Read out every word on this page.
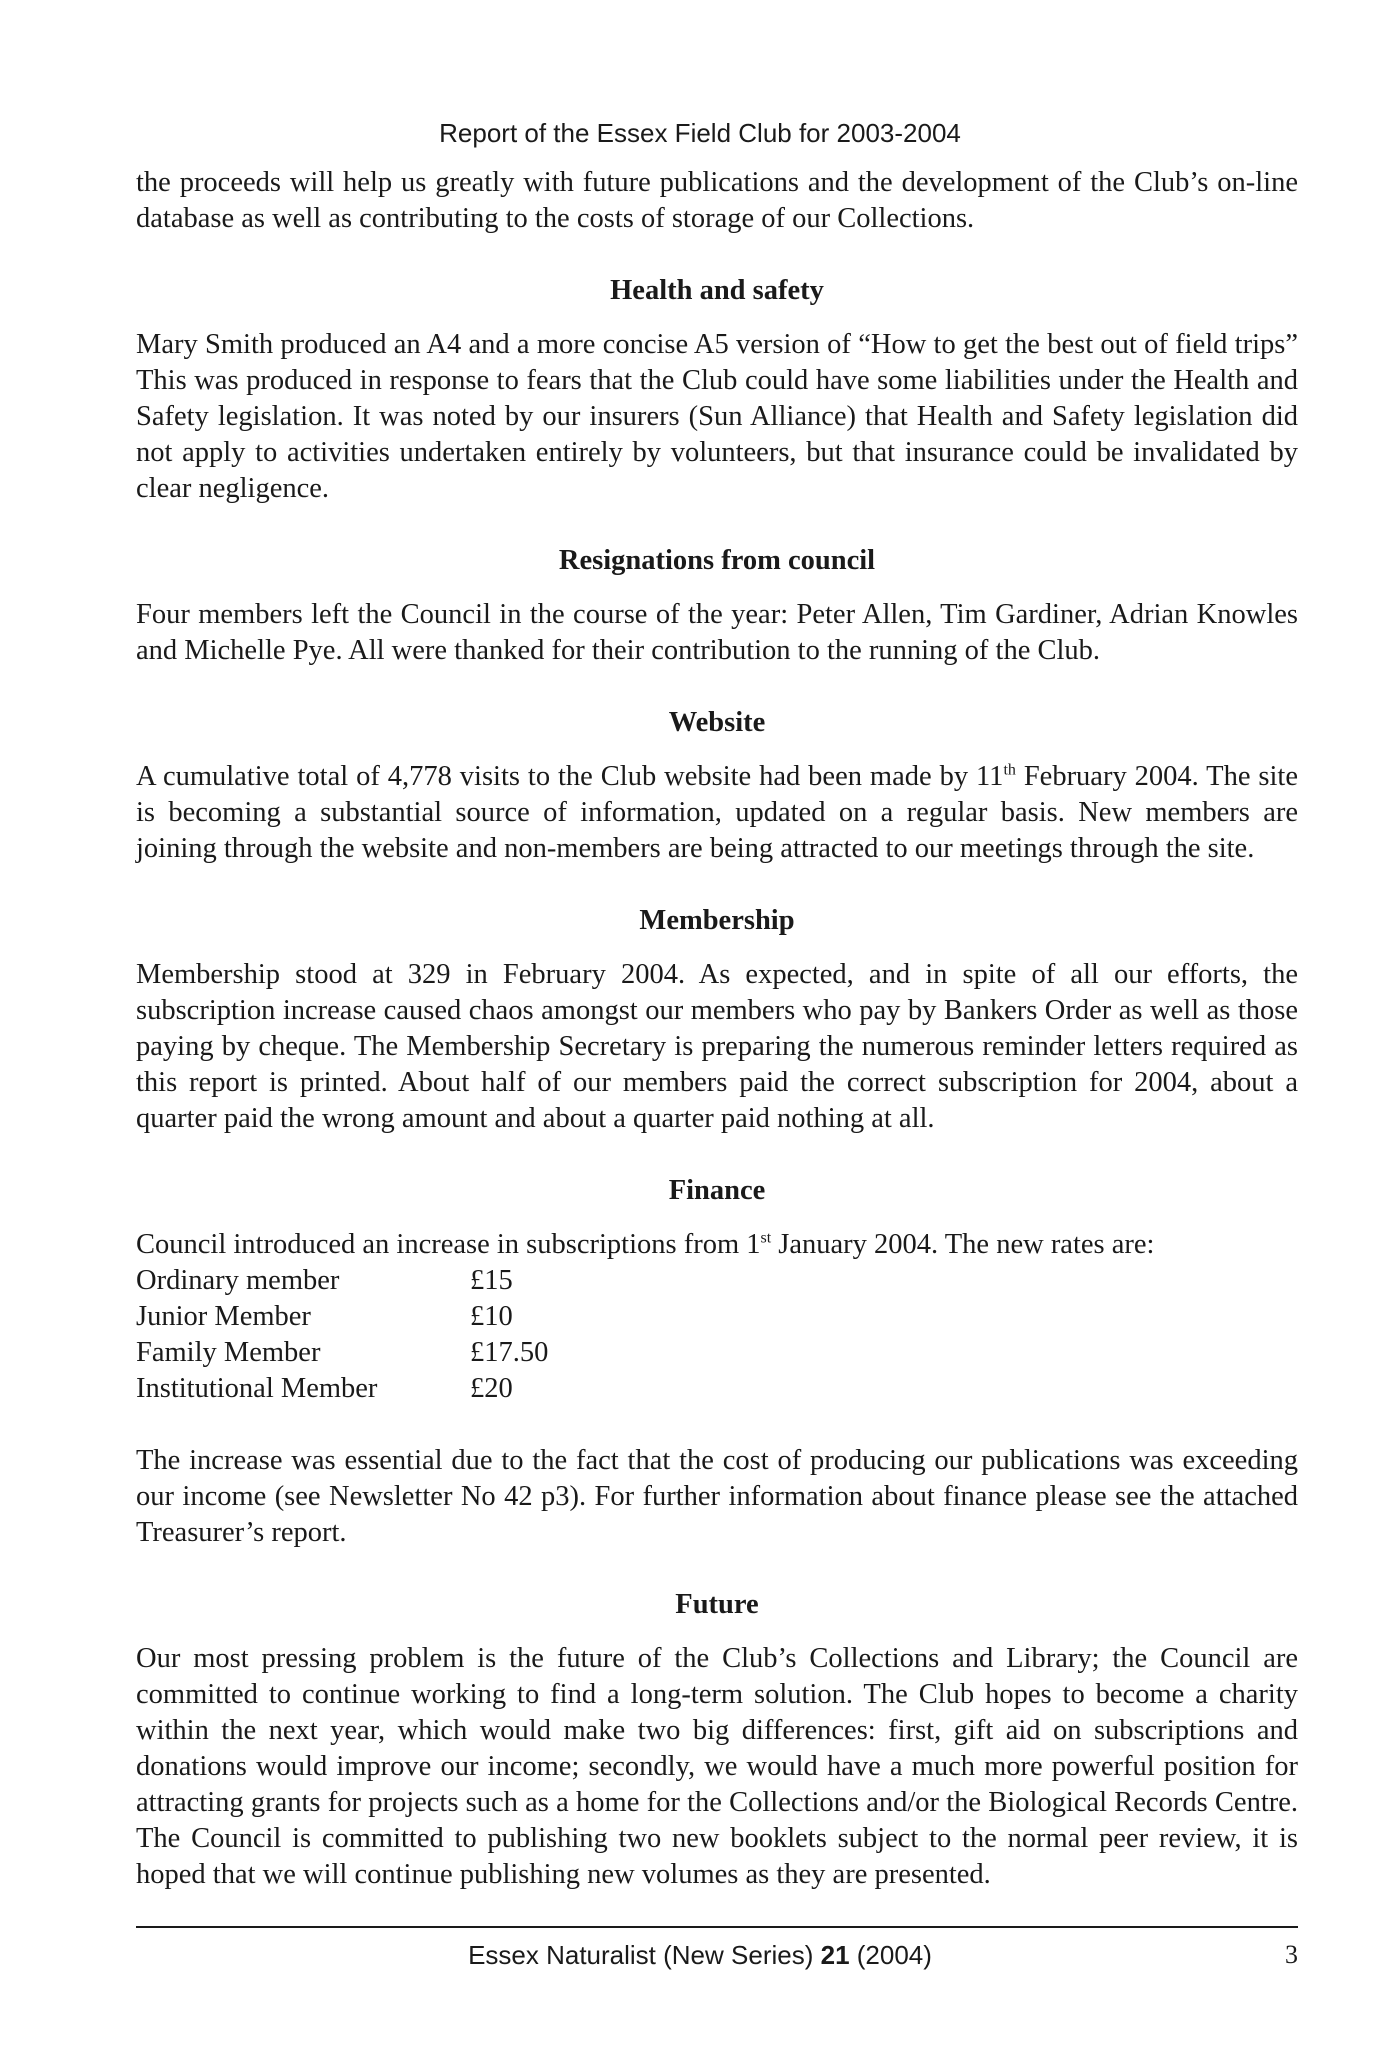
Report of the Essex Field Club for 2003-2004

the proceeds will help us greatly with future publications and the development of the Club’s on-line database as well as contributing to the costs of storage of our Collections.

Health and safety

Mary Smith produced an A4 and a more concise A5 version of “How to get the best out of field trips” This was produced in response to fears that the Club could have some liabilities under the Health and Safety legislation. It was noted by our insurers (Sun Alliance) that Health and Safety legislation did not apply to activities undertaken entirely by volunteers, but that insurance could be invalidated by clear negligence.

Resignations from council

Four members left the Council in the course of the year: Peter Allen, Tim Gardiner, Adrian Knowles and Michelle Pye. All were thanked for their contribution to the running of the Club.

Website

A cumulative total of 4,778 visits to the Club website had been made by 11th February 2004. The site is becoming a substantial source of information, updated on a regular basis. New members are joining through the website and non-members are being attracted to our meetings through the site.

Membership

Membership stood at 329 in February 2004. As expected, and in spite of all our efforts, the subscription increase caused chaos amongst our members who pay by Bankers Order as well as those paying by cheque. The Membership Secretary is preparing the numerous reminder letters required as this report is printed. About half of our members paid the correct subscription for 2004, about a quarter paid the wrong amount and about a quarter paid nothing at all.

Finance

Council introduced an increase in subscriptions from 1st January 2004. The new rates are:

Ordinary member	£15
Junior Member	£10
Family Member	£17.50
Institutional Member	£20

The increase was essential due to the fact that the cost of producing our publications was exceeding our income (see Newsletter No 42 p3). For further information about finance please see the attached Treasurer’s report.

Future

Our most pressing problem is the future of the Club’s Collections and Library; the Council are committed to continue working to find a long-term solution. The Club hopes to become a charity within the next year, which would make two big differences: first, gift aid on subscriptions and donations would improve our income; secondly, we would have a much more powerful position for attracting grants for projects such as a home for the Collections and/or the Biological Records Centre. The Council is committed to publishing two new booklets subject to the normal peer review, it is hoped that we will continue publishing new volumes as they are presented.

Essex Naturalist (New Series) 21 (2004)	3
